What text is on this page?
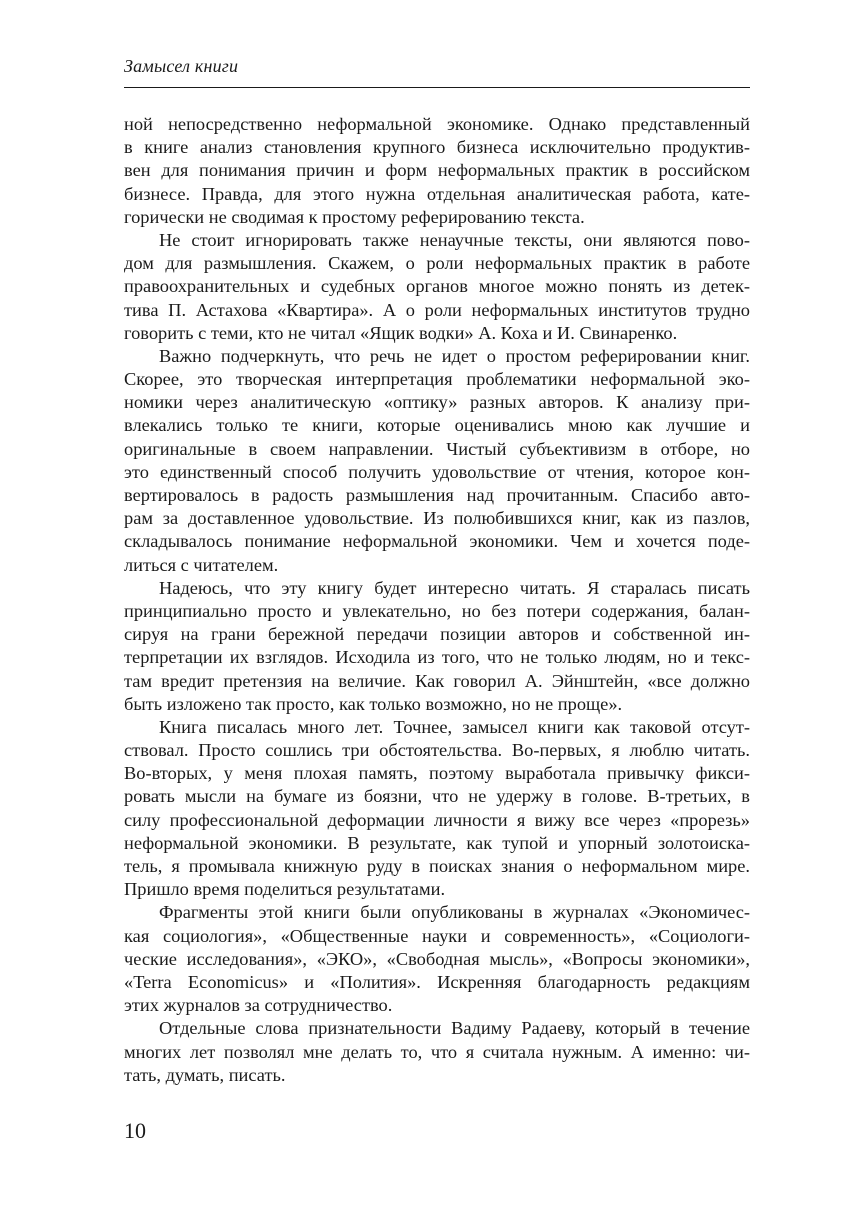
Замысел книги
ной непосредственно неформальной экономике. Однако представленный
в книге анализ становления крупного бизнеса исключительно продуктив-
вен для понимания причин и форм неформальных практик в российском
бизнесе. Правда, для этого нужна отдельная аналитическая работа, кате-
горически не сводимая к простому реферированию текста.
Не стоит игнорировать также ненаучные тексты, они являются пово-
дом для размышления. Скажем, о роли неформальных практик в работе
правоохранительных и судебных органов многое можно понять из детек-
тива П. Астахова «Квартира». А о роли неформальных институтов трудно
говорить с теми, кто не читал «Ящик водки» А. Коха и И. Свинаренко.
Важно подчеркнуть, что речь не идет о простом реферировании книг.
Скорее, это творческая интерпретация проблематики неформальной эко-
номики через аналитическую «оптику» разных авторов. К анализу при-
влекались только те книги, которые оценивались мною как лучшие и
оригинальные в своем направлении. Чистый субъективизм в отборе, но
это единственный способ получить удовольствие от чтения, которое кон-
вертировалось в радость размышления над прочитанным. Спасибо авто-
рам за доставленное удовольствие. Из полюбившихся книг, как из пазлов,
складывалось понимание неформальной экономики. Чем и хочется поде-
литься с читателем.
Надеюсь, что эту книгу будет интересно читать. Я старалась писать
принципиально просто и увлекательно, но без потери содержания, балан-
сируя на грани бережной передачи позиции авторов и собственной ин-
терпретации их взглядов. Исходила из того, что не только людям, но и текс-
там вредит претензия на величие. Как говорил А. Эйнштейн, «все должно
быть изложено так просто, как только возможно, но не проще».
Книга писалась много лет. Точнее, замысел книги как таковой отсут-
ствовал. Просто сошлись три обстоятельства. Во-первых, я люблю читать.
Во-вторых, у меня плохая память, поэтому выработала привычку фикси-
ровать мысли на бумаге из боязни, что не удержу в голове. В-третьих, в
силу профессиональной деформации личности я вижу все через «прорезь»
неформальной экономики. В результате, как тупой и упорный золотоиска-
тель, я промывала книжную руду в поисках знания о неформальном мире.
Пришло время поделиться результатами.
Фрагменты этой книги были опубликованы в журналах «Экономичес-
кая социология», «Общественные науки и современность», «Социологи-
ческие исследования», «ЭКО», «Свободная мысль», «Вопросы экономики»,
«Terra Economicus» и «Полития». Искренняя благодарность редакциям
этих журналов за сотрудничество.
Отдельные слова признательности Вадиму Радаеву, который в течение
многих лет позволял мне делать то, что я считала нужным. А именно: чи-
тать, думать, писать.
10
